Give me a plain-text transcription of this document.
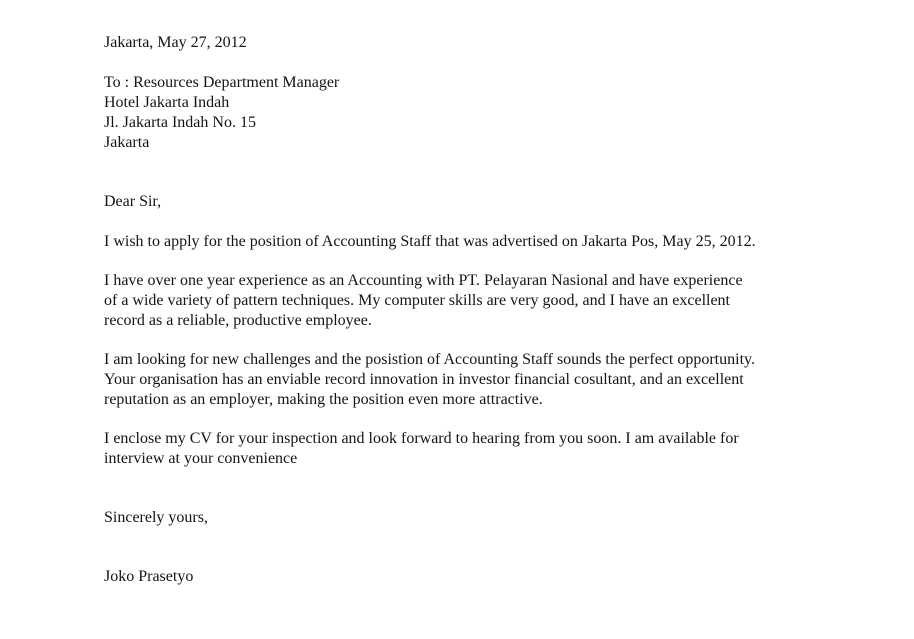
Jakarta, May 27, 2012
To : Resources Department Manager
Hotel Jakarta Indah
Jl. Jakarta Indah No. 15
Jakarta
Dear Sir,
I wish to apply for the position of Accounting Staff that was advertised on Jakarta Pos, May 25, 2012.
I have over one year experience as an Accounting with PT. Pelayaran Nasional and have experience
of a wide variety of pattern techniques. My computer skills are very good, and I have an excellent
record as a reliable, productive employee.
I am looking for new challenges and the posistion of Accounting Staff sounds the perfect opportunity.
Your organisation has an enviable record innovation in investor financial cosultant, and an excellent
reputation as an employer, making the position even more attractive.
I enclose my CV for your inspection and look forward to hearing from you soon. I am available for
interview at your convenience
Sincerely yours,
Joko Prasetyo
